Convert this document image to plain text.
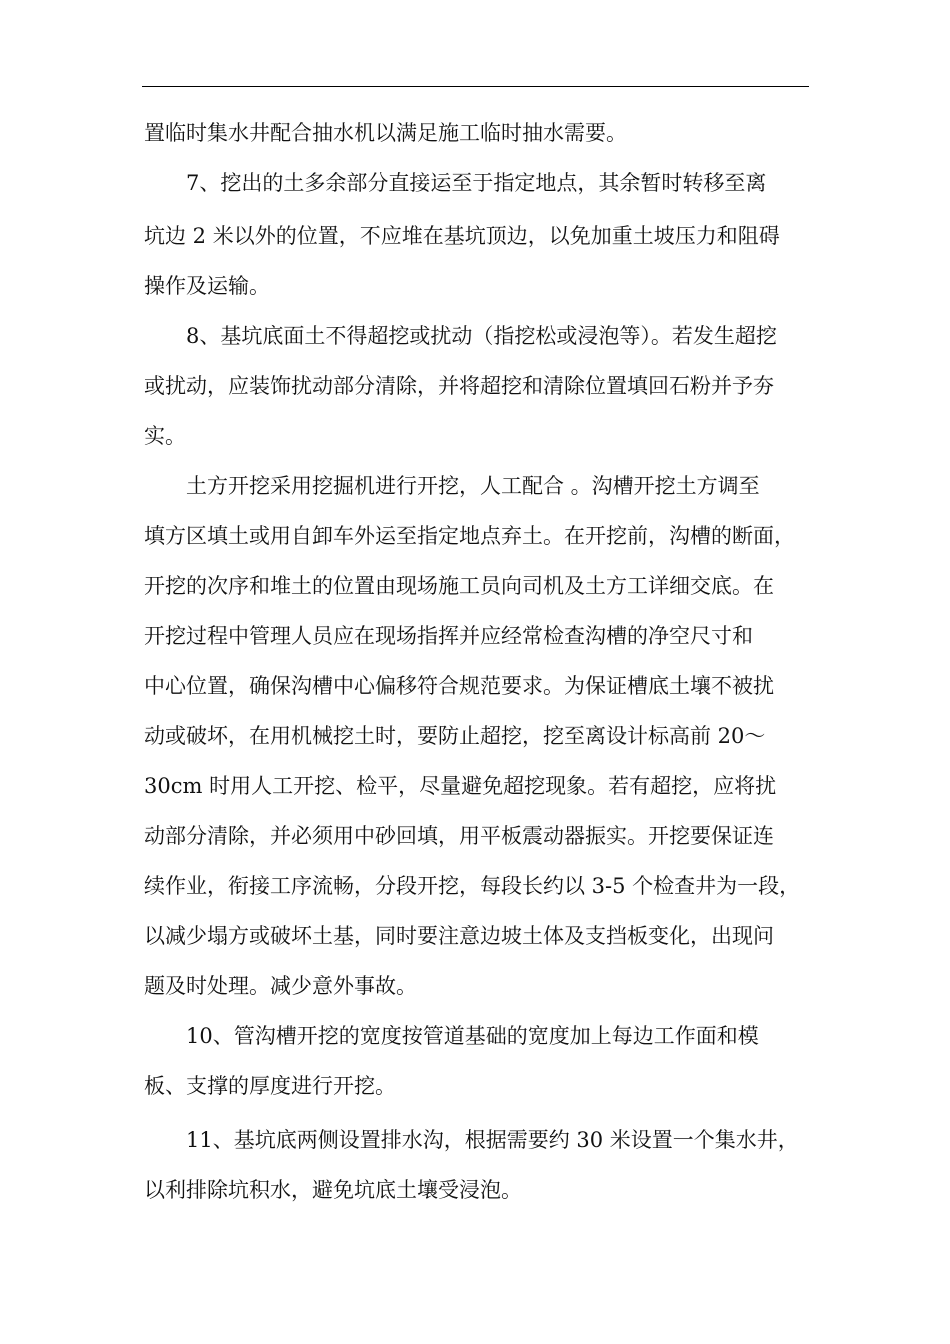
置临时集水井配合抽水机以满足施工临时抽水需要。
7、挖出的土多余部分直接运至于指定地点，其余暂时转移至离
坑边 2 米以外的位置，不应堆在基坑顶边，以免加重土坡压力和阻碍
操作及运输。
8、基坑底面土不得超挖或扰动（指挖松或浸泡等）。若发生超挖
或扰动，应装饰扰动部分清除，并将超挖和清除位置填回石粉并予夯
实。
土方开挖采用挖掘机进行开挖，人工配合 。沟槽开挖土方调至
填方区填土或用自卸车外运至指定地点弃土。在开挖前，沟槽的断面，
开挖的次序和堆土的位置由现场施工员向司机及土方工详细交底。在
开挖过程中管理人员应在现场指挥并应经常检查沟槽的净空尺寸和
中心位置，确保沟槽中心偏移符合规范要求。为保证槽底土壤不被扰
动或破坏，在用机械挖土时，要防止超挖，挖至离设计标高前 20～
30cm 时用人工开挖、检平，尽量避免超挖现象。若有超挖，应将扰
动部分清除，并必须用中砂回填，用平板震动器振实。开挖要保证连
续作业，衔接工序流畅，分段开挖，每段长约以 3-5 个检查井为一段，
以减少塌方或破坏土基，同时要注意边坡土体及支挡板变化，出现问
题及时处理。减少意外事故。
10、管沟槽开挖的宽度按管道基础的宽度加上每边工作面和模
板、支撑的厚度进行开挖。
11、基坑底两侧设置排水沟，根据需要约 30 米设置一个集水井，
以利排除坑积水，避免坑底土壤受浸泡。
